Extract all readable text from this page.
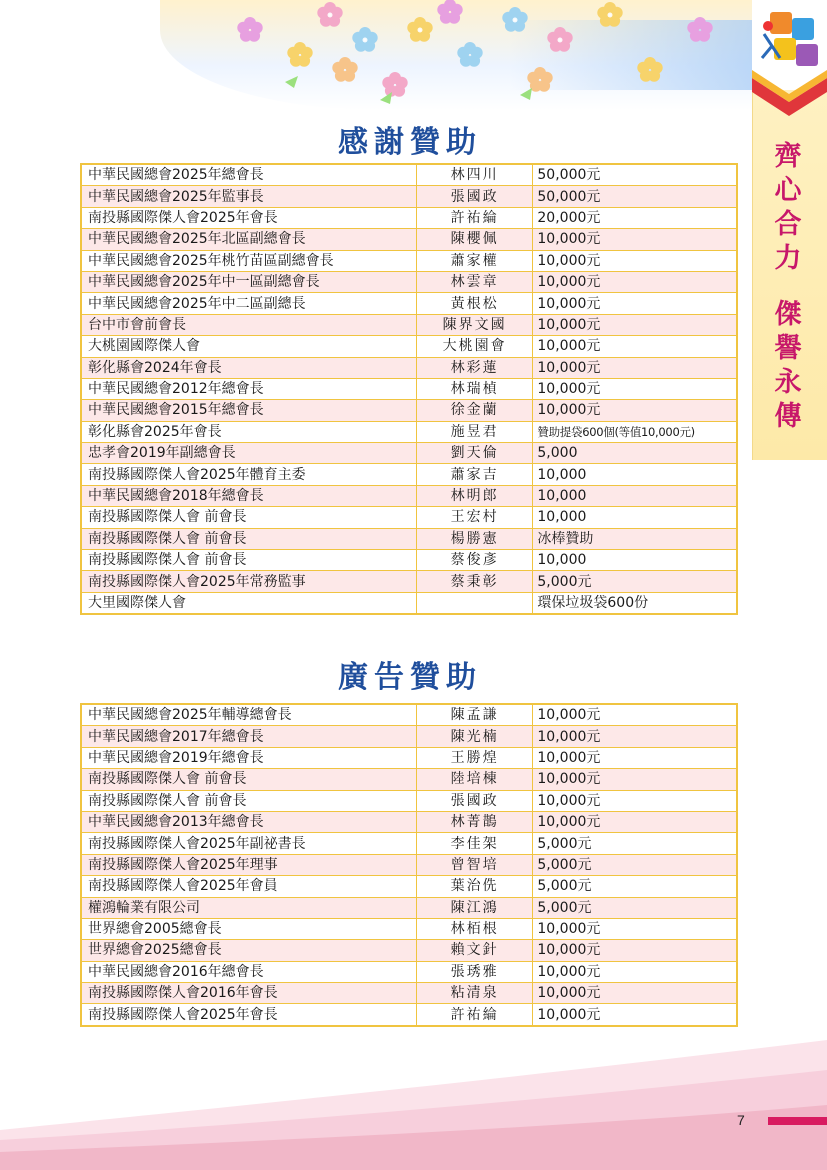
齊
心
合
力
傑
譽
永
傳
感謝贊助
中華民國總會2025年總會長	林四川	50,000元
中華民國總會2025年監事長	張國政	50,000元
南投縣國際傑人會2025年會長	許祐綸	20,000元
中華民國總會2025年北區副總會長	陳櫻佩	10,000元
中華民國總會2025年桃竹苗區副總會長	蕭家權	10,000元
中華民國總會2025年中一區副總會長	林雲章	10,000元
中華民國總會2025年中二區副總長	黃根松	10,000元
台中市會前會長	陳界文國	10,000元
大桃園國際傑人會	大桃園會	10,000元
彰化縣會2024年會長	林彩蓮	10,000元
中華民國總會2012年總會長	林瑞楨	10,000元
中華民國總會2015年總會長	徐金蘭	10,000元
彰化縣會2025年會長	施昱君	贊助提袋600個(等值10,000元)
忠孝會2019年副總會長	劉天倫	5,000
南投縣國際傑人會2025年體育主委	蕭家吉	10,000
中華民國總會2018年總會長	林明郎	10,000
南投縣國際傑人會 前會長	王宏村	10,000
南投縣國際傑人會 前會長	楊勝憲	冰棒贊助
南投縣國際傑人會 前會長	蔡俊彥	10,000
南投縣國際傑人會2025年常務監事	蔡秉彰	5,000元
大里國際傑人會		環保垃圾袋600份
廣告贊助
中華民國總會2025年輔導總會長	陳孟謙	10,000元
中華民國總會2017年總會長	陳光楠	10,000元
中華民國總會2019年總會長	王勝煌	10,000元
南投縣國際傑人會 前會長	陸培棟	10,000元
南投縣國際傑人會 前會長	張國政	10,000元
中華民國總會2013年總會長	林菁鵲	10,000元
南投縣國際傑人會2025年副祕書長	李佳架	5,000元
南投縣國際傑人會2025年理事	曾智培	5,000元
南投縣國際傑人會2025年會員	葉治侁	5,000元
權鴻輪業有限公司	陳江鴻	5,000元
世界總會2005總會長	林栢根	10,000元
世界總會2025總會長	賴文針	10,000元
中華民國總會2016年總會長	張琇雅	10,000元
南投縣國際傑人會2016年會長	粘清泉	10,000元
南投縣國際傑人會2025年會長	許祐綸	10,000元
7
